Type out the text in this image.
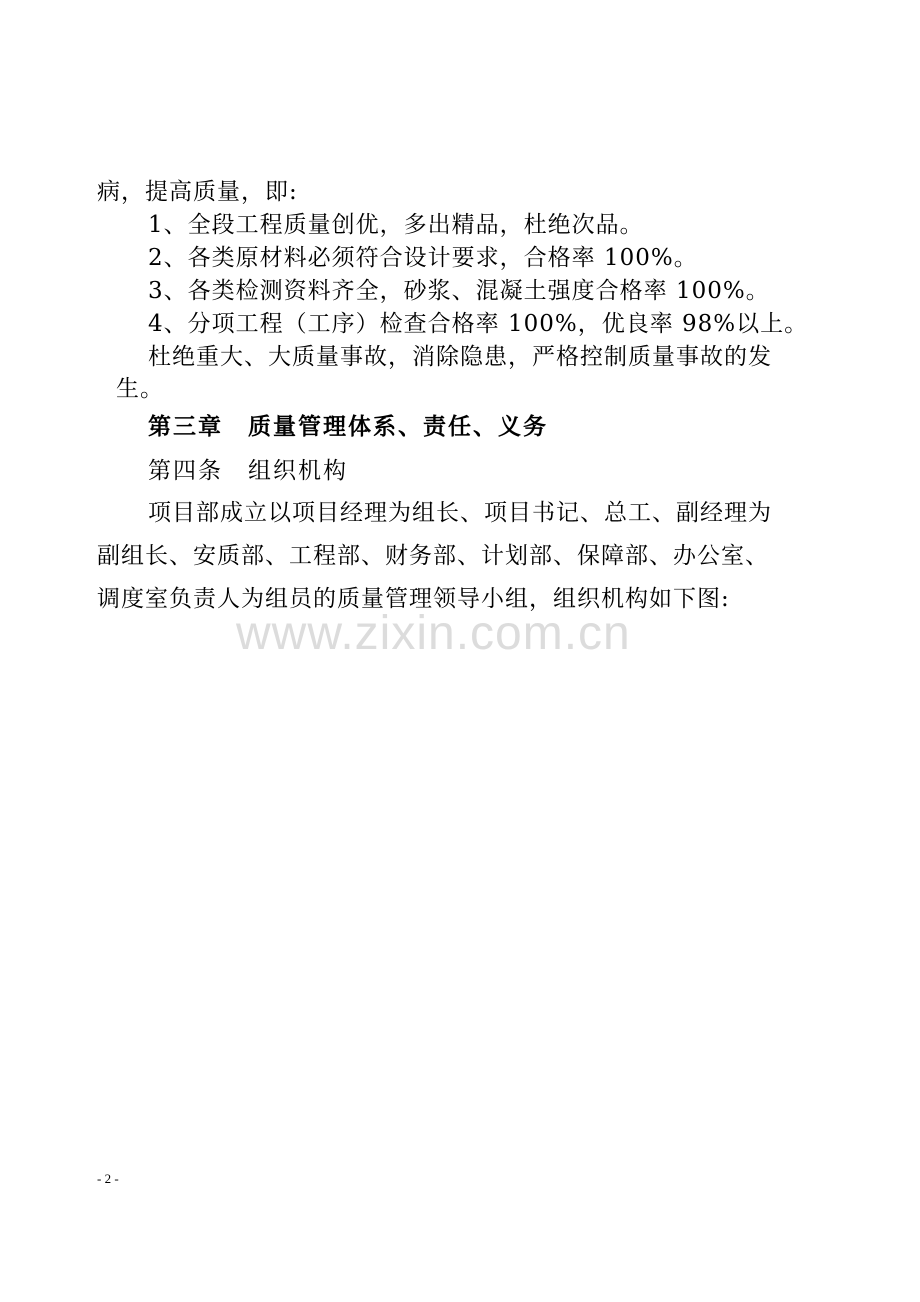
病，提高质量，即:
1、全段工程质量创优，多出精品，杜绝次品。
2、各类原材料必须符合设计要求，合格率 100%。
3、各类检测资料齐全，砂浆、混凝土强度合格率 100%。
4、分项工程（工序）检查合格率 100%，优良率 98%以上。
杜绝重大、大质量事故，消除隐患，严格控制质量事故的发
生。
第三章　质量管理体系、责任、义务
第四条　组织机构
项目部成立以项目经理为组长、项目书记、总工、副经理为
副组长、安质部、工程部、财务部、计划部、保障部、办公室、
调度室负责人为组员的质量管理领导小组，组织机构如下图:
www.zixin.com.cn
- 2 -
